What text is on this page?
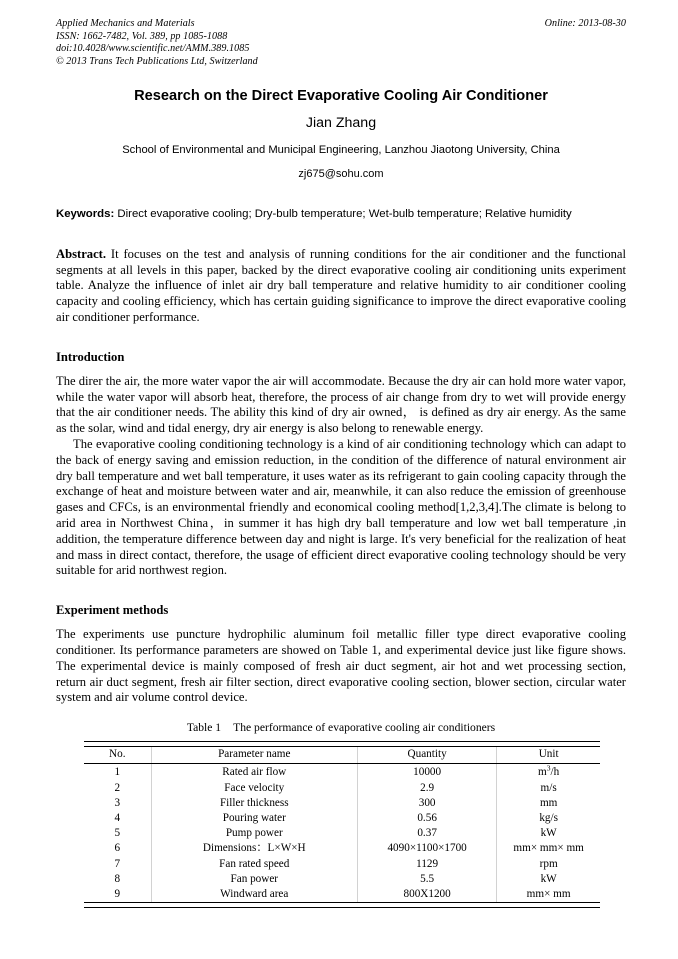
Applied Mechanics and Materials
ISSN: 1662-7482, Vol. 389, pp 1085-1088
doi:10.4028/www.scientific.net/AMM.389.1085
© 2013 Trans Tech Publications Ltd, Switzerland
Online: 2013-08-30
Research on the Direct Evaporative Cooling Air Conditioner
Jian Zhang
School of Environmental and Municipal Engineering, Lanzhou Jiaotong University, China
zj675@sohu.com

Keywords: Direct evaporative cooling; Dry-bulb temperature; Wet-bulb temperature; Relative humidity

Abstract. It focuses on the test and analysis of running conditions for the air conditioner and the functional segments at all levels in this paper, backed by the direct evaporative cooling air conditioning units experiment table. Analyze the influence of inlet air dry ball temperature and relative humidity to air conditioner cooling capacity and cooling efficiency, which has certain guiding significance to improve the direct evaporative cooling air conditioner performance.

Introduction

The direr the air, the more water vapor the air will accommodate. Because the dry air can hold more water vapor, while the water vapor will absorb heat, therefore, the process of air change from dry to wet will provide energy that the air conditioner needs. The ability this kind of dry air owned， is defined as dry air energy. As the same as the solar, wind and tidal energy, dry air energy is also belong to renewable energy.

The evaporative cooling conditioning technology is a kind of air conditioning technology which can adapt to the back of energy saving and emission reduction, in the condition of the difference of natural environment air dry ball temperature and wet ball temperature, it uses water as its refrigerant to gain cooling capacity through the exchange of heat and moisture between water and air, meanwhile, it can also reduce the emission of greenhouse gases and CFCs, is an environmental friendly and economical cooling method[1,2,3,4].The climate is belong to arid area in Northwest China，in summer it has high dry ball temperature and low wet ball temperature ,in addition, the temperature difference between day and night is large. It's very beneficial for the realization of heat and mass in direct contact, therefore, the usage of efficient direct evaporative cooling technology should be very suitable for arid northwest region.

Experiment methods

The experiments use puncture hydrophilic aluminum foil metallic filler type direct evaporative cooling conditioner. Its performance parameters are showed on Table 1, and experimental device just like figure shows. The experimental device is mainly composed of fresh air duct segment, air hot and wet processing section, return air duct segment, fresh air filter section, direct evaporative cooling section, blower section, circular water system and air volume control device.

Table 1 The performance of evaporative cooling air conditioners
No.	Parameter name	Quantity	Unit
1	Rated air flow	10000	$m^3/h$
2	Face velocity	2.9	m/s
3	Filler thickness	300	mm
4	Pouring water	0.56	kg/s
5	Pump power	0.37	kW
6	Dimensions：L×W×H	4090×1100×1700	mm× mm× mm
7	Fan rated speed	1129	rpm
8	Fan power	5.5	kW
9	Windward area	800X1200	mm× mm
